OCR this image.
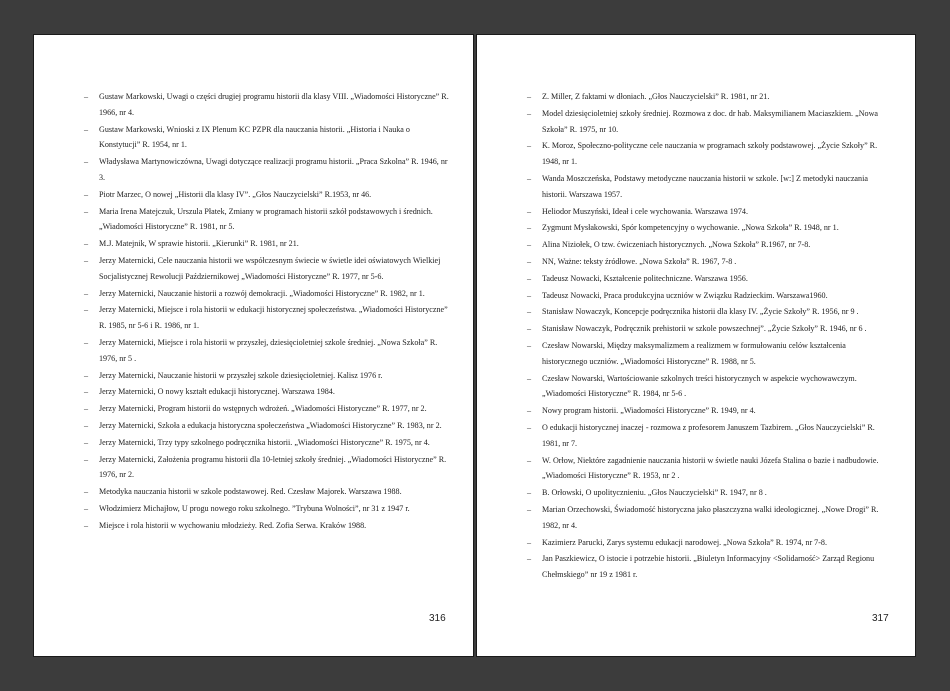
– Gustaw Markowski, Uwagi o części drugiej programu historii dla klasy VIII. „Wiadomości Historyczne” R. 1966, nr 4.
– Gustaw Markowski, Wnioski z IX Plenum KC PZPR dla nauczania historii. „Historia i Nauka o Konstytucji” R. 1954, nr 1.
– Władysława Martynowiczówna, Uwagi dotyczące realizacji programu historii. „Praca Szkolna” R. 1946, nr 3.
– Piotr Marzec, O nowej „Historii dla klasy IV”. „Głos Nauczycielski” R.1953, nr 46.
– Maria Irena Matejczuk, Urszula Płatek, Zmiany w programach historii szkół podstawowych i średnich. „Wiadomości Historyczne” R. 1981, nr 5.
– M.J. Matejnik, W sprawie historii. „Kierunki” R. 1981, nr 21.
– Jerzy Maternicki, Cele nauczania historii we współczesnym świecie w świetle idei oświatowych Wielkiej Socjalistycznej Rewolucji Październikowej „Wiadomości Historyczne” R. 1977, nr 5-6.
– Jerzy Maternicki, Nauczanie historii a rozwój demokracji. „Wiadomości Historyczne” R. 1982, nr 1.
– Jerzy Maternicki, Miejsce i rola historii w edukacji historycznej społeczeństwa. „Wiadomości Historyczne” R. 1985, nr 5-6 i R. 1986, nr 1.
– Jerzy Maternicki, Miejsce i rola historii w przyszłej, dziesięcioletniej szkole średniej. „Nowa Szkoła” R. 1976, nr 5 .
– Jerzy Maternicki, Nauczanie historii w przyszłej szkole dziesięcioletniej. Kalisz 1976 r.
– Jerzy Maternicki, O nowy kształt edukacji historycznej. Warszawa 1984.
– Jerzy Maternicki, Program historii do wstępnych wdrożeń. „Wiadomości Historyczne” R. 1977, nr 2.
– Jerzy Maternicki, Szkoła a edukacja historyczna społeczeństwa „Wiadomości Historyczne” R. 1983, nr 2.
– Jerzy Maternicki, Trzy typy szkolnego podręcznika historii. „Wiadomości Historyczne” R. 1975, nr 4.
– Jerzy Maternicki, Założenia programu historii dla 10-letniej szkoły średniej. „Wiadomości Historyczne” R. 1976, nr 2.
– Metodyka nauczania historii w szkole podstawowej. Red. Czesław Majorek. Warszawa 1988.
– Włodzimierz Michajłow, U progu nowego roku szkolnego. ”Trybuna Wolności”, nr 31 z 1947 r.
– Miejsce i rola historii w wychowaniu młodzieży. Red. Zofia Serwa. Kraków 1988.
316
– Z. Miller, Z faktami w dłoniach. „Głos Nauczycielski” R. 1981, nr 21.
– Model dziesięcioletniej szkoły średniej. Rozmowa z doc. dr hab. Maksymilianem Maciaszkiem. „Nowa Szkoła” R. 1975, nr 10.
– K. Moroz, Społeczno-polityczne cele nauczania w programach szkoły podstawowej. „Życie Szkoły” R. 1948, nr 1.
– Wanda Moszczeńska, Podstawy metodyczne nauczania historii w szkole. [w:] Z metodyki nauczania historii. Warszawa 1957.
– Heliodor Muszyński, Ideał i cele wychowania. Warszawa 1974.
– Zygmunt Mysłakowski, Spór kompetencyjny o wychowanie. „Nowa Szkoła” R. 1948, nr 1.
– Alina Niziołek, O tzw. ćwiczeniach historycznych. „Nowa Szkoła” R.1967, nr 7-8.
– NN, Ważne: teksty źródłowe. „Nowa Szkoła” R. 1967, 7-8 .
– Tadeusz Nowacki, Kształcenie politechniczne. Warszawa 1956.
– Tadeusz Nowacki, Praca produkcyjna uczniów w Związku Radzieckim. Warszawa1960.
– Stanisław Nowaczyk, Koncepcje podręcznika historii dla klasy IV. „Życie Szkoły” R. 1956, nr 9 .
– Stanisław Nowaczyk, Podręcznik prehistorii w szkole powszechnej”. „Życie Szkoły” R. 1946, nr 6 .
– Czesław Nowarski, Między maksymalizmem a realizmem w formułowaniu celów kształcenia historycznego uczniów. „Wiadomości Historyczne” R. 1988, nr 5.
– Czesław Nowarski, Wartościowanie szkolnych treści historycznych w aspekcie wychowawczym. „Wiadomości Historyczne” R. 1984, nr 5-6 .
– Nowy program historii. „Wiadomości Historyczne” R. 1949, nr 4.
– O edukacji historycznej inaczej - rozmowa z profesorem Januszem Tazbirem. „Głos Nauczycielski” R. 1981, nr 7.
– W. Orłow, Niektóre zagadnienie nauczania historii w świetle nauki Józefa Stalina o bazie i nadbudowie. „Wiadomości Historyczne” R. 1953, nr 2 .
– B. Orłowski, O upolitycznieniu. „Głos Nauczycielski” R. 1947, nr 8 .
– Marian Orzechowski, Świadomość historyczna jako płaszczyzna walki ideologicznej. „Nowe Drogi” R. 1982, nr 4.
– Kazimierz Parucki, Zarys systemu edukacji narodowej. „Nowa Szkoła” R. 1974, nr 7-8.
– Jan Paszkiewicz, O istocie i potrzebie historii. „Biuletyn Informacyjny <Solidarność> Zarząd Regionu Chełmskiego” nr 19 z 1981 r.
317
